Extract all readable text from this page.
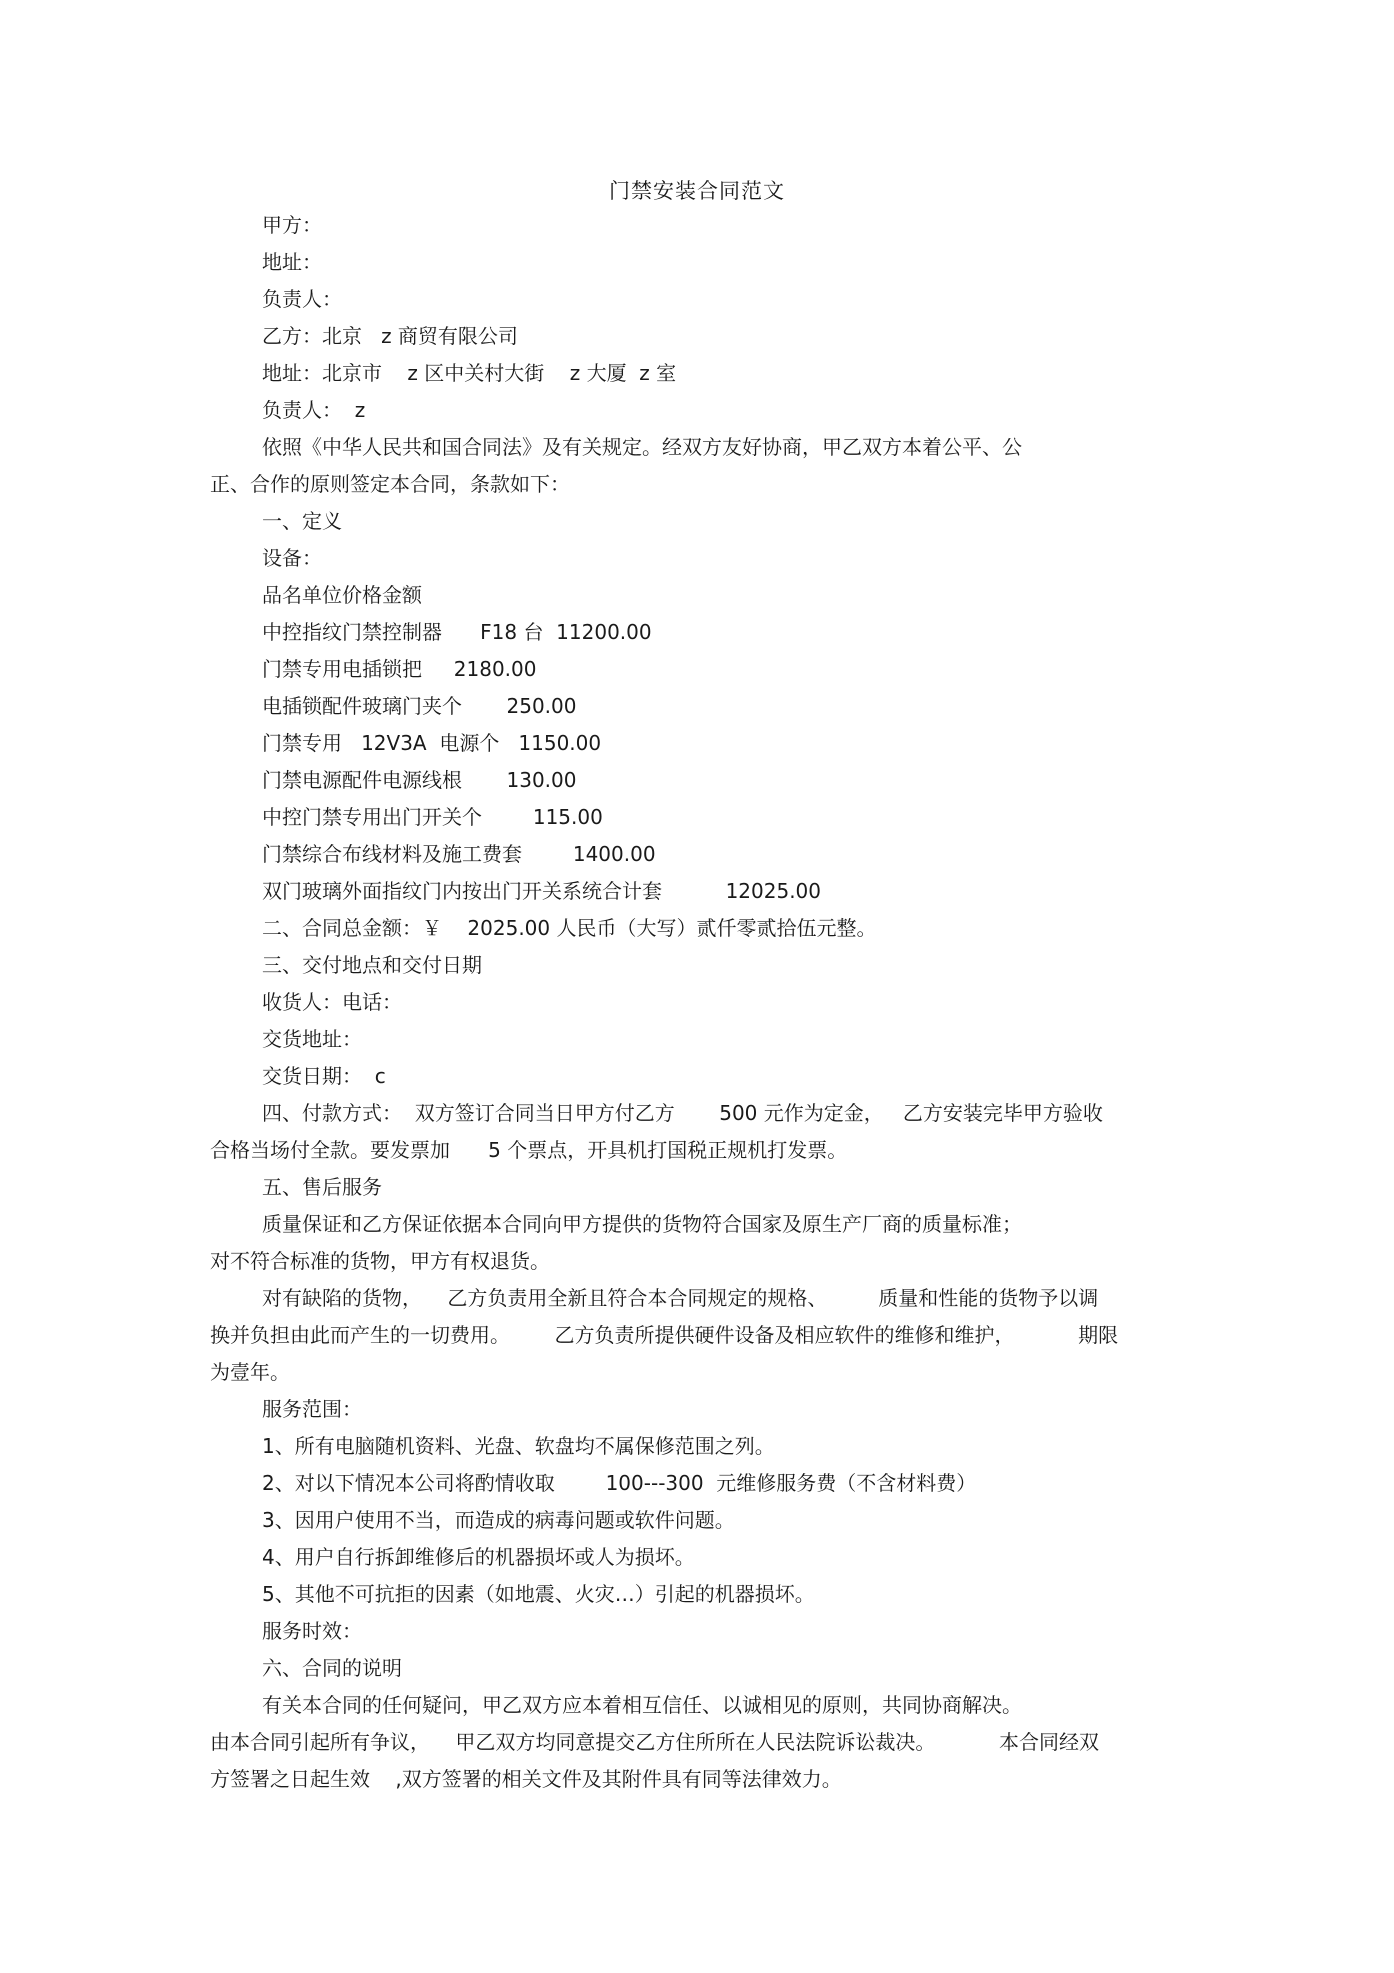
门禁安装合同范文
甲方：
地址：
负责人：
乙方：北京   z 商贸有限公司
地址：北京市    z 区中关村大街    z 大厦  z 室
负责人：  z
依照《中华人民共和国合同法》及有关规定。经双方友好协商，甲乙双方本着公平、公
正、合作的原则签定本合同，条款如下：
一、定义
设备：
品名单位价格金额
中控指纹门禁控制器      F18 台  11200.00
门禁专用电插锁把     2180.00
电插锁配件玻璃门夹个       250.00
门禁专用   12V3A  电源个   1150.00
门禁电源配件电源线根       130.00
中控门禁专用出门开关个        115.00
门禁综合布线材料及施工费套        1400.00
双门玻璃外面指纹门内按出门开关系统合计套          12025.00
二、合同总金额：￥    2025.00 人民币（大写）贰仟零贰拾伍元整。
三、交付地点和交付日期
收货人：电话：
交货地址：
交货日期：  c
四、付款方式：  双方签订合同当日甲方付乙方       500 元作为定金，   乙方安装完毕甲方验收
合格当场付全款。要发票加      5 个票点，开具机打国税正规机打发票。
五、售后服务
质量保证和乙方保证依据本合同向甲方提供的货物符合国家及原生产厂商的质量标准；
对不符合标准的货物，甲方有权退货。
对有缺陷的货物，    乙方负责用全新且符合本合同规定的规格、        质量和性能的货物予以调
换并负担由此而产生的一切费用。       乙方负责所提供硬件设备及相应软件的维修和维护，          期限
为壹年。
服务范围：
1、所有电脑随机资料、光盘、软盘均不属保修范围之列。
2、对以下情况本公司将酌情收取        100---300  元维修服务费（不含材料费）
3、因用户使用不当，而造成的病毒问题或软件问题。
4、用户自行拆卸维修后的机器损坏或人为损坏。
5、其他不可抗拒的因素（如地震、火灾…）引起的机器损坏。
服务时效：
六、合同的说明
有关本合同的任何疑问，甲乙双方应本着相互信任、以诚相见的原则，共同协商解决。
由本合同引起所有争议，    甲乙双方均同意提交乙方住所所在人民法院诉讼裁决。          本合同经双
方签署之日起生效    ,双方签署的相关文件及其附件具有同等法律效力。
